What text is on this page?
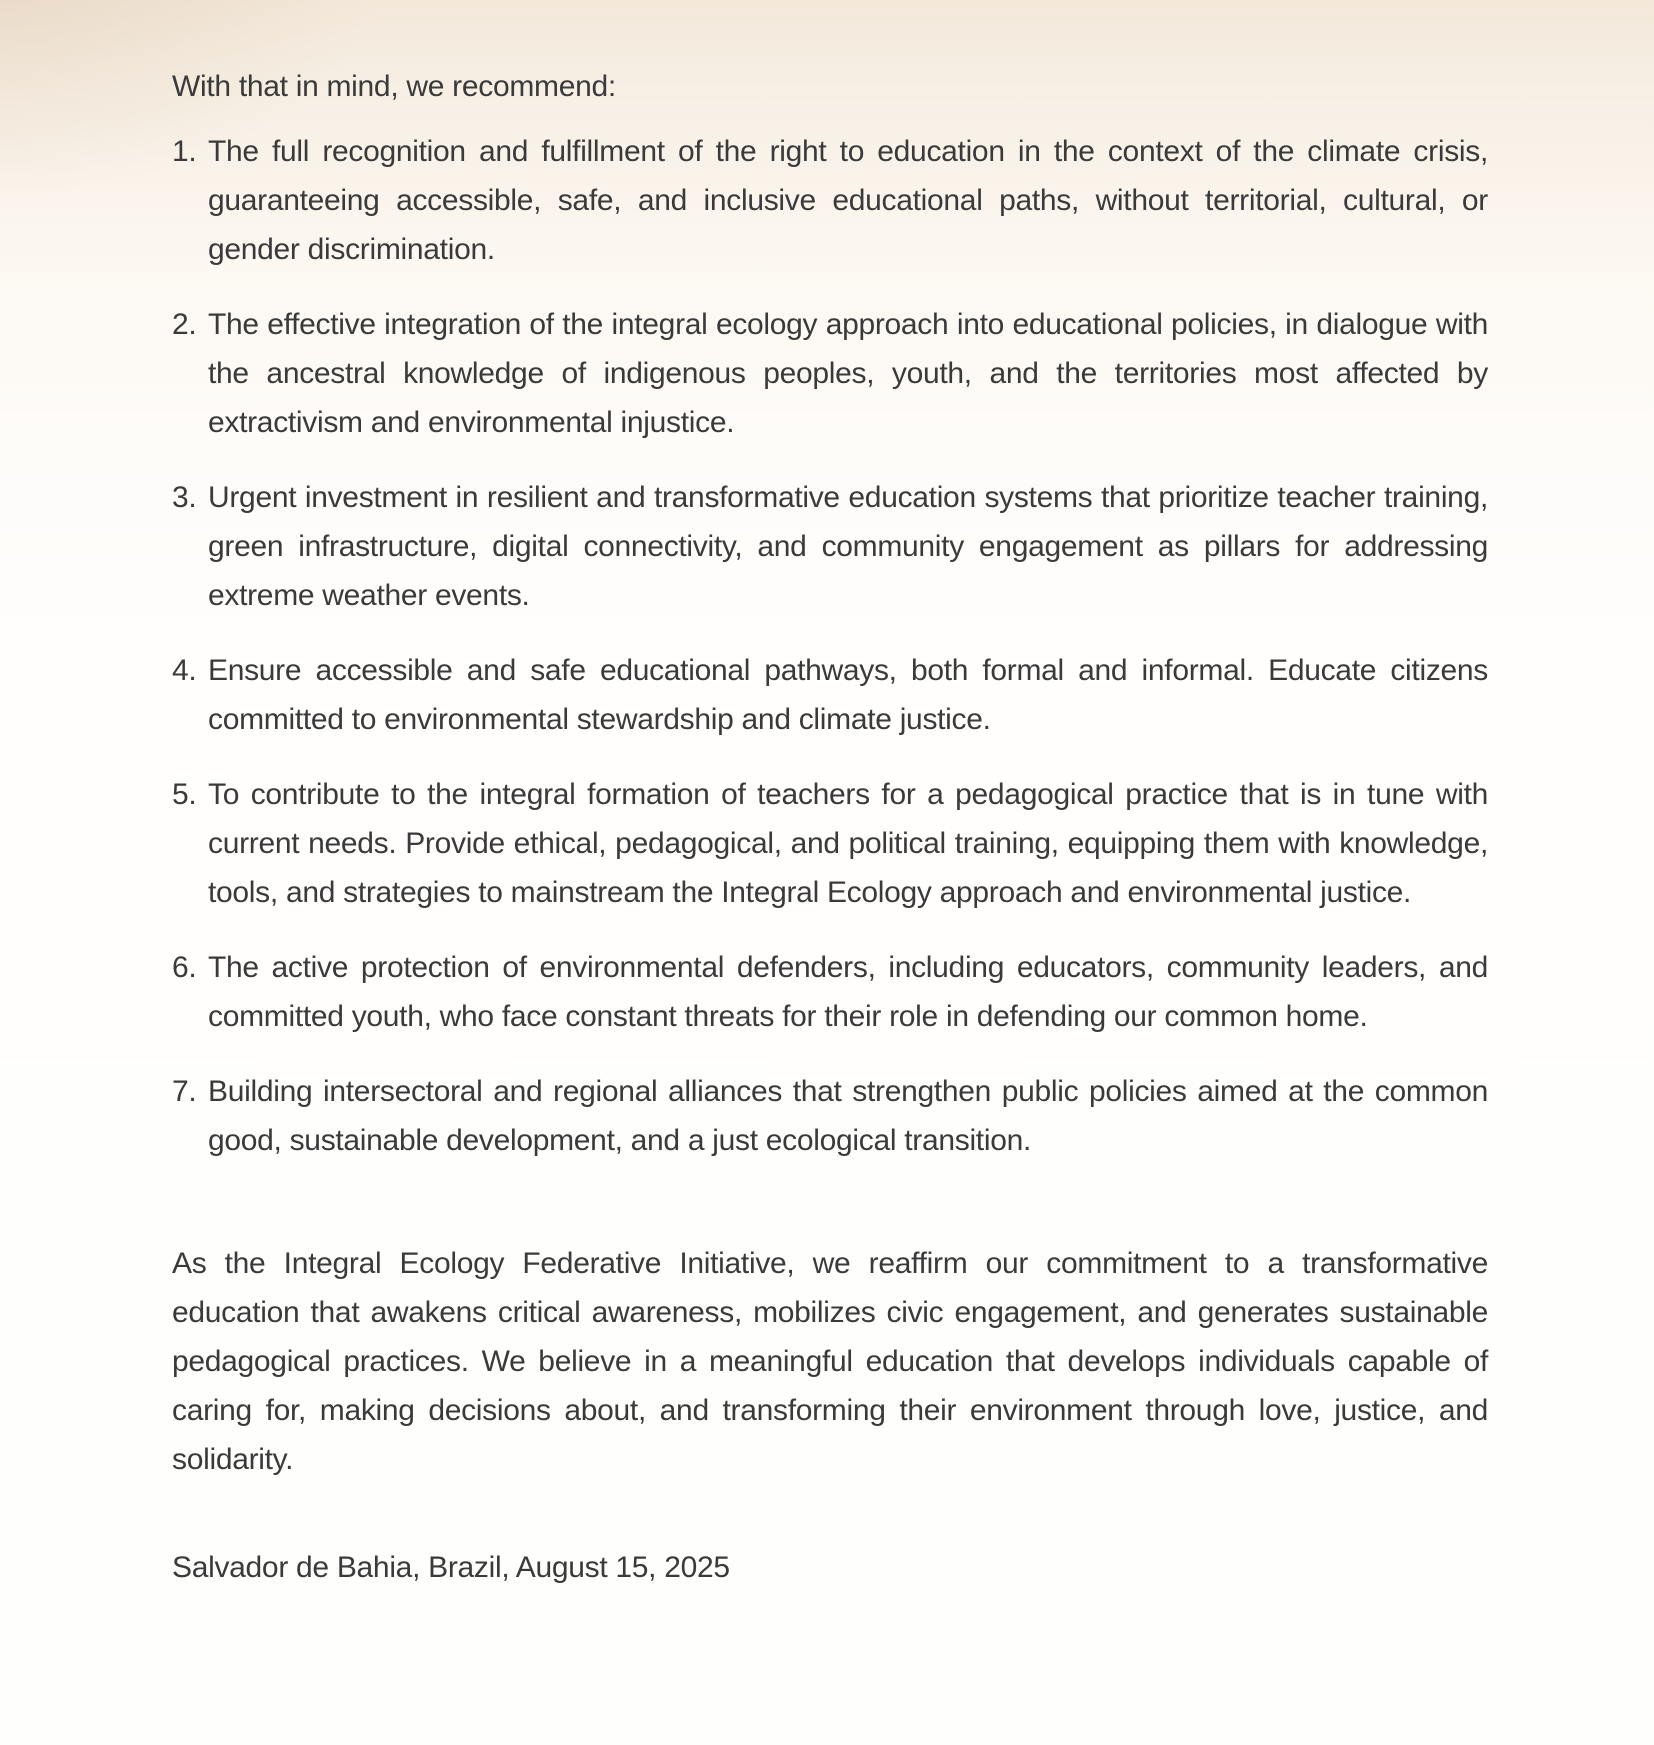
With that in mind, we recommend:

1. The full recognition and fulfillment of the right to education in the context of the climate crisis, guaranteeing accessible, safe, and inclusive educational paths, without territorial, cultural, or gender discrimination.
2. The effective integration of the integral ecology approach into educational policies, in dialogue with the ancestral knowledge of indigenous peoples, youth, and the territories most affected by extractivism and environmental injustice.
3. Urgent investment in resilient and transformative education systems that prioritize teacher training, green infrastructure, digital connectivity, and community engagement as pillars for addressing extreme weather events.
4. Ensure accessible and safe educational pathways, both formal and informal. Educate citizens committed to environmental stewardship and climate justice.
5. To contribute to the integral formation of teachers for a pedagogical practice that is in tune with current needs. Provide ethical, pedagogical, and political training, equipping them with knowledge, tools, and strategies to mainstream the Integral Ecology approach and environmental justice.
6. The active protection of environmental defenders, including educators, community leaders, and committed youth, who face constant threats for their role in defending our common home.
7. Building intersectoral and regional alliances that strengthen public policies aimed at the common good, sustainable development, and a just ecological transition.

As the Integral Ecology Federative Initiative, we reaffirm our commitment to a transformative education that awakens critical awareness, mobilizes civic engagement, and generates sustainable pedagogical practices. We believe in a meaningful education that develops individuals capable of caring for, making decisions about, and transforming their environment through love, justice, and solidarity.

Salvador de Bahia, Brazil, August 15, 2025
